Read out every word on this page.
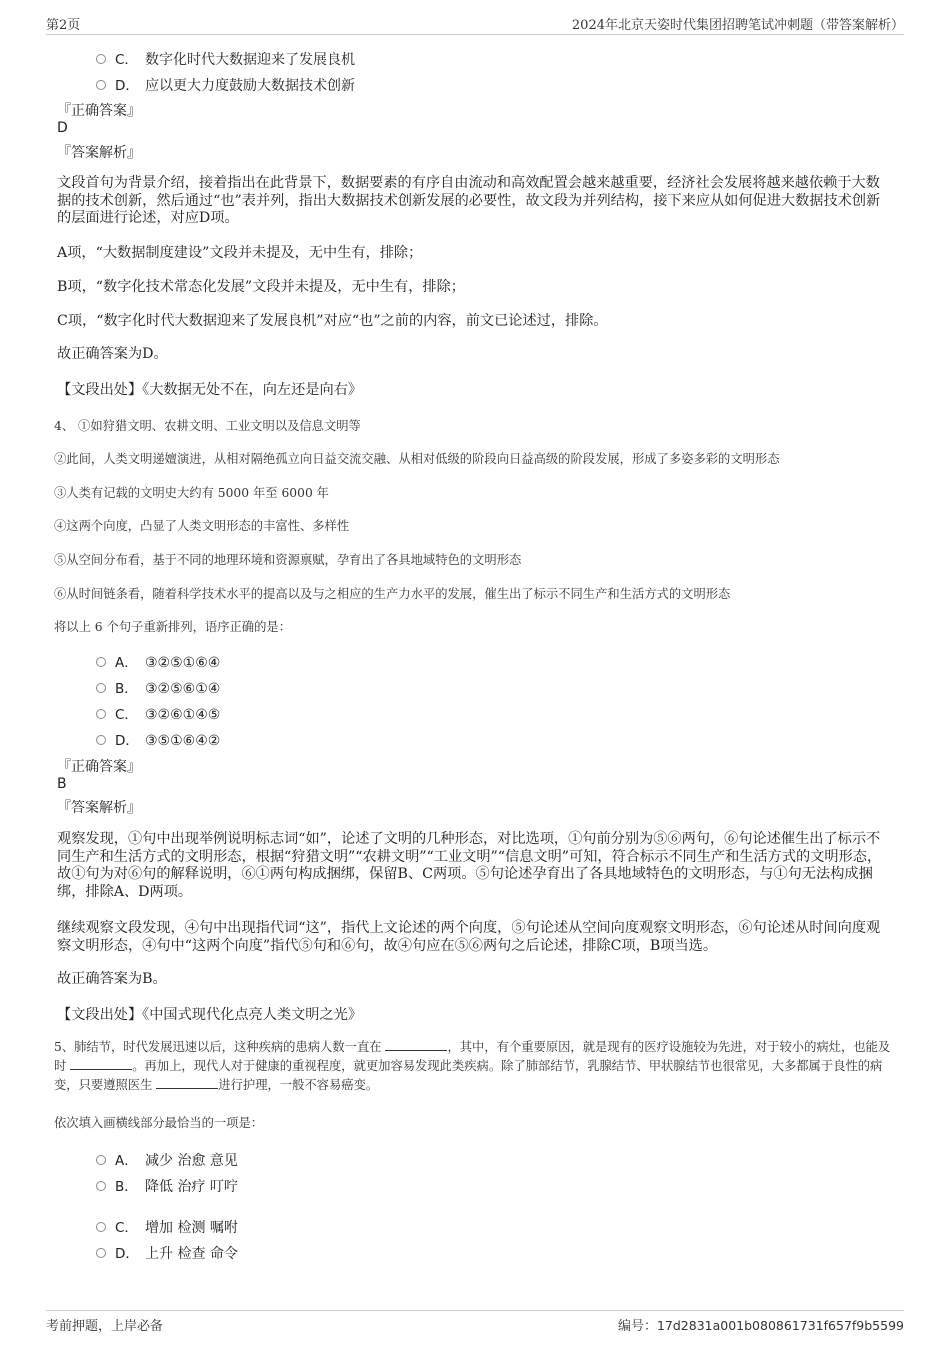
第2页	2024年北京天姿时代集团招聘笔试冲刺题（带答案解析）
C． 数字化时代大数据迎来了发展良机
D． 应以更大力度鼓励大数据技术创新
『正确答案』
D
『答案解析』
文段首句为背景介绍，接着指出在此背景下，数据要素的有序自由流动和高效配置会越来越重要，经济社会发展将越来越依赖于大数据的技术创新，然后通过“也”表并列，指出大数据技术创新发展的必要性，故文段为并列结构，接下来应从如何促进大数据技术创新的层面进行论述，对应D项。
A项，“大数据制度建设”文段并未提及，无中生有，排除；
B项，“数字化技术常态化发展”文段并未提及，无中生有，排除；
C项，“数字化时代大数据迎来了发展良机”对应“也”之前的内容，前文已论述过，排除。
故正确答案为D。
【文段出处】《大数据无处不在，向左还是向右》
4、 ①如狩猎文明、农耕文明、工业文明以及信息文明等
②此间，人类文明递嬗演进，从相对隔绝孤立向日益交流交融、从相对低级的阶段向日益高级的阶段发展，形成了多姿多彩的文明形态
③人类有记载的文明史大约有 5000 年至 6000 年
④这两个向度，凸显了人类文明形态的丰富性、多样性
⑤从空间分布看，基于不同的地理环境和资源禀赋，孕育出了各具地域特色的文明形态
⑥从时间链条看，随着科学技术水平的提高以及与之相应的生产力水平的发展，催生出了标示不同生产和生活方式的文明形态
将以上 6 个句子重新排列，语序正确的是：
A． ③②⑤①⑥④
B． ③②⑤⑥①④
C． ③②⑥①④⑤
D． ③⑤①⑥④②
『正确答案』
B
『答案解析』
观察发现，①句中出现举例说明标志词“如”，论述了文明的几种形态，对比选项，①句前分别为⑤⑥两句，⑥句论述催生出了标示不同生产和生活方式的文明形态，根据“狩猎文明”“农耕文明”“工业文明”“信息文明”可知，符合标示不同生产和生活方式的文明形态，故①句为对⑥句的解释说明，⑥①两句构成捆绑，保留B、C两项。⑤句论述孕育出了各具地域特色的文明形态，与①句无法构成捆绑，排除A、D两项。
继续观察文段发现，④句中出现指代词“这”，指代上文论述的两个向度，⑤句论述从空间向度观察文明形态，⑥句论述从时间向度观察文明形态，④句中“这两个向度”指代⑤句和⑥句，故④句应在⑤⑥两句之后论述，排除C项，B项当选。
故正确答案为B。
【文段出处】《中国式现代化点亮人类文明之光》
5、肺结节，时代发展迅速以后，这种疾病的患病人数一直在	，其中，有个重要原因，就是现有的医疗设施较为先进，对于较小的病灶，也能及时	。再加上，现代人对于健康的重视程度，就更加容易发现此类疾病。除了肺部结节，乳腺结节、甲状腺结节也很常见，大多都属于良性的病变，只要遵照医生	进行护理，一般不容易癌变。
依次填入画横线部分最恰当的一项是：
A． 减少 治愈 意见
B． 降低 治疗 叮咛
C． 增加 检测 嘱咐
D． 上升 检查 命令
考前押题，上岸必备	编号：17d2831a001b080861731f657f9b5599
